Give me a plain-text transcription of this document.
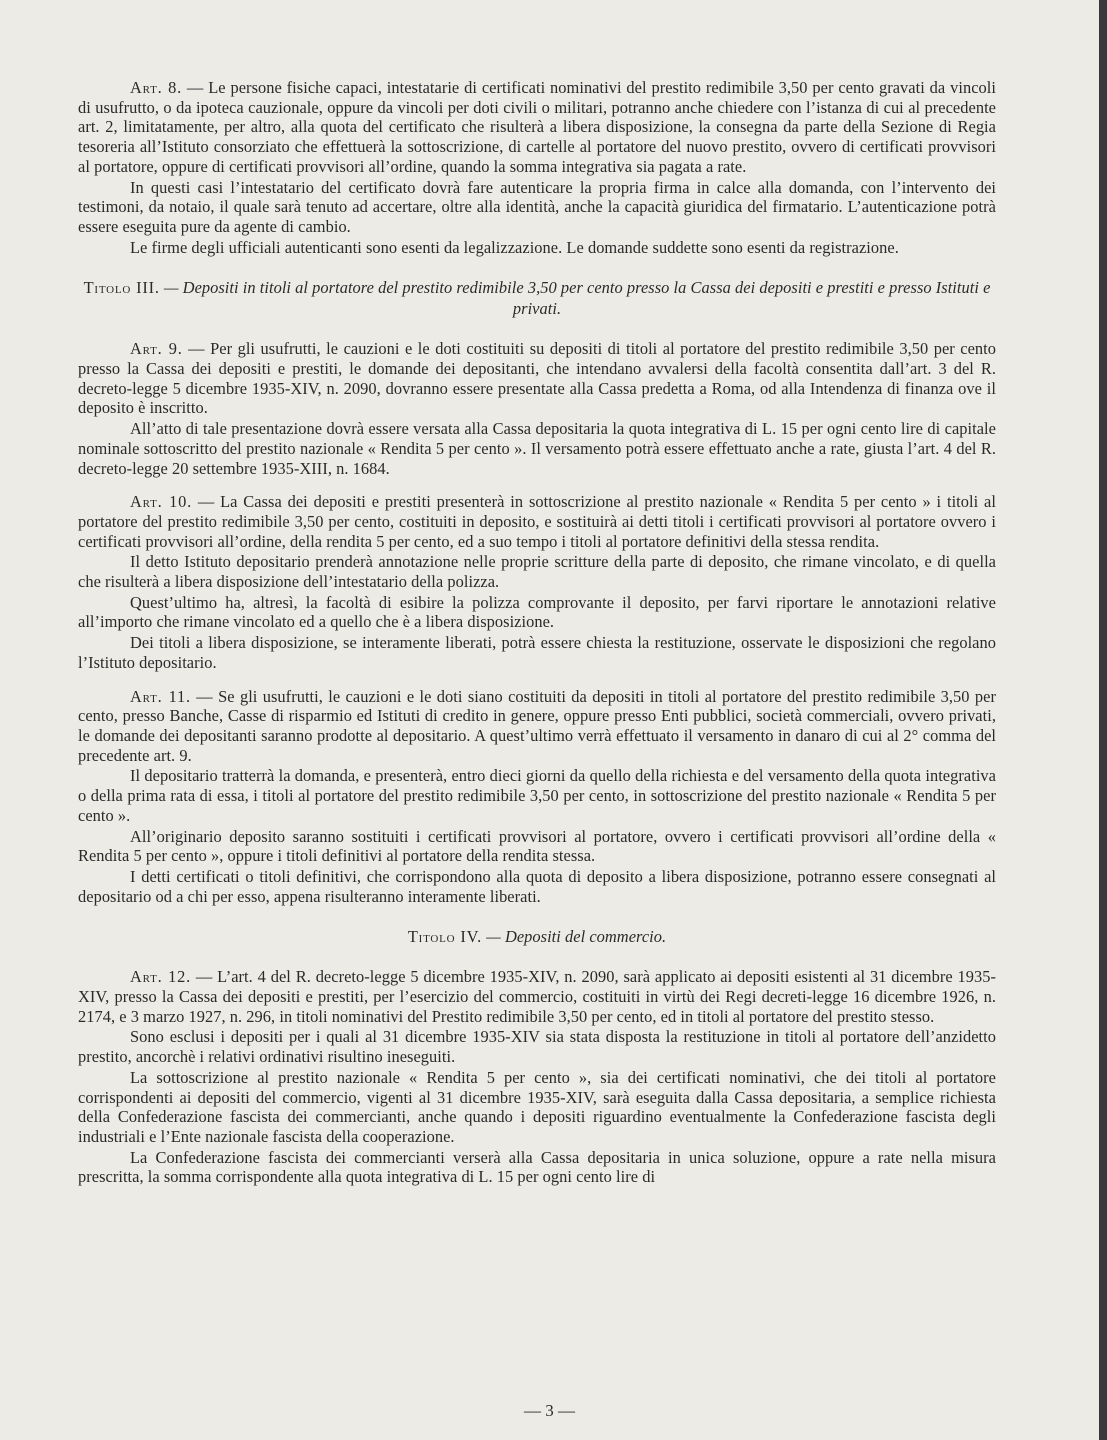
Art. 8. — Le persone fisiche capaci, intestatarie di certificati nominativi del prestito redimibile 3,50 per cento gravati da vincoli di usufrutto, o da ipoteca cauzionale, oppure da vincoli per doti civili o militari, potranno anche chiedere con l’istanza di cui al precedente art. 2, limitatamente, per altro, alla quota del certificato che risulterà a libera disposizione, la consegna da parte della Sezione di Regia tesoreria all’Istituto consorziato che effettuerà la sottoscrizione, di cartelle al portatore del nuovo prestito, ovvero di certificati provvisori al portatore, oppure di certificati provvisori all’ordine, quando la somma integrativa sia pagata a rate.

In questi casi l’intestatario del certificato dovrà fare autenticare la propria firma in calce alla domanda, con l’intervento dei testimoni, da notaio, il quale sarà tenuto ad accertare, oltre alla identità, anche la capacità giuridica del firmatario. L’autenticazione potrà essere eseguita pure da agente di cambio.

Le firme degli ufficiali autenticanti sono esenti da legalizzazione. Le domande suddette sono esenti da registrazione.

Titolo III. — Depositi in titoli al portatore del prestito redimibile 3,50 per cento presso la Cassa dei depositi e prestiti e presso Istituti e privati.

Art. 9. — Per gli usufrutti, le cauzioni e le doti costituiti su depositi di titoli al portatore del prestito redimibile 3,50 per cento presso la Cassa dei depositi e prestiti, le domande dei depositanti, che intendano avvalersi della facoltà consentita dall’art. 3 del R. decreto-legge 5 dicembre 1935-XIV, n. 2090, dovranno essere presentate alla Cassa predetta a Roma, od alla Intendenza di finanza ove il deposito è inscritto.

All’atto di tale presentazione dovrà essere versata alla Cassa depositaria la quota integrativa di L. 15 per ogni cento lire di capitale nominale sottoscritto del prestito nazionale « Rendita 5 per cento ». Il versamento potrà essere effettuato anche a rate, giusta l’art. 4 del R. decreto-legge 20 settembre 1935-XIII, n. 1684.

Art. 10. — La Cassa dei depositi e prestiti presenterà in sottoscrizione al prestito nazionale « Rendita 5 per cento » i titoli al portatore del prestito redimibile 3,50 per cento, costituiti in deposito, e sostituirà ai detti titoli i certificati provvisori al portatore ovvero i certificati provvisori all’ordine, della rendita 5 per cento, ed a suo tempo i titoli al portatore definitivi della stessa rendita.

Il detto Istituto depositario prenderà annotazione nelle proprie scritture della parte di deposito, che rimane vincolato, e di quella che risulterà a libera disposizione dell’intestatario della polizza.

Quest’ultimo ha, altresì, la facoltà di esibire la polizza comprovante il deposito, per farvi riportare le annotazioni relative all’importo che rimane vincolato ed a quello che è a libera disposizione.

Dei titoli a libera disposizione, se interamente liberati, potrà essere chiesta la restituzione, osservate le disposizioni che regolano l’Istituto depositario.

Art. 11. — Se gli usufrutti, le cauzioni e le doti siano costituiti da depositi in titoli al portatore del prestito redimibile 3,50 per cento, presso Banche, Casse di risparmio ed Istituti di credito in genere, oppure presso Enti pubblici, società commerciali, ovvero privati, le domande dei depositanti saranno prodotte al depositario. A quest’ultimo verrà effettuato il versamento in danaro di cui al 2° comma del precedente art. 9.

Il depositario tratterrà la domanda, e presenterà, entro dieci giorni da quello della richiesta e del versamento della quota integrativa o della prima rata di essa, i titoli al portatore del prestito redimibile 3,50 per cento, in sottoscrizione del prestito nazionale « Rendita 5 per cento ».

All’originario deposito saranno sostituiti i certificati provvisori al portatore, ovvero i certificati provvisori all’ordine della « Rendita 5 per cento », oppure i titoli definitivi al portatore della rendita stessa.

I detti certificati o titoli definitivi, che corrispondono alla quota di deposito a libera disposizione, potranno essere consegnati al depositario od a chi per esso, appena risulteranno interamente liberati.

Titolo IV. — Depositi del commercio.

Art. 12. — L’art. 4 del R. decreto-legge 5 dicembre 1935-XIV, n. 2090, sarà applicato ai depositi esistenti al 31 dicembre 1935-XIV, presso la Cassa dei depositi e prestiti, per l’esercizio del commercio, costituiti in virtù dei Regi decreti-legge 16 dicembre 1926, n. 2174, e 3 marzo 1927, n. 296, in titoli nominativi del Prestito redimibile 3,50 per cento, ed in titoli al portatore del prestito stesso.

Sono esclusi i depositi per i quali al 31 dicembre 1935-XIV sia stata disposta la restituzione in titoli al portatore dell’anzidetto prestito, ancorchè i relativi ordinativi risultino ineseguiti.

La sottoscrizione al prestito nazionale « Rendita 5 per cento », sia dei certificati nominativi, che dei titoli al portatore corrispondenti ai depositi del commercio, vigenti al 31 dicembre 1935-XIV, sarà eseguita dalla Cassa depositaria, a semplice richiesta della Confederazione fascista dei commercianti, anche quando i depositi riguardino eventualmente la Confederazione fascista degli industriali e l’Ente nazionale fascista della cooperazione.

La Confederazione fascista dei commercianti verserà alla Cassa depositaria in unica soluzione, oppure a rate nella misura prescritta, la somma corrispondente alla quota integrativa di L. 15 per ogni cento lire di

— 3 —
